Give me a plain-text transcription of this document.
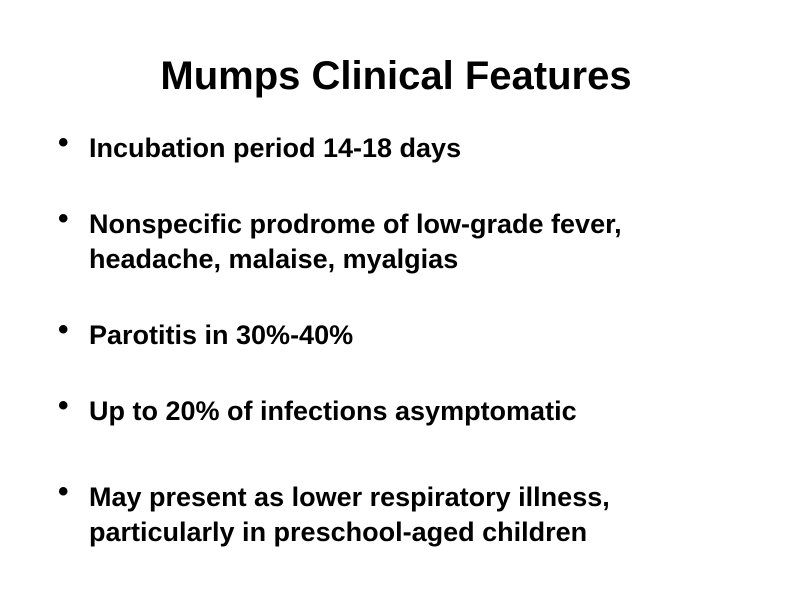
Mumps Clinical Features
• Incubation period 14-18 days
• Nonspecific prodrome of low-grade fever,
headache, malaise, myalgias
• Parotitis in 30%-40%
• Up to 20% of infections asymptomatic
• May present as lower respiratory illness,
particularly in preschool-aged children
